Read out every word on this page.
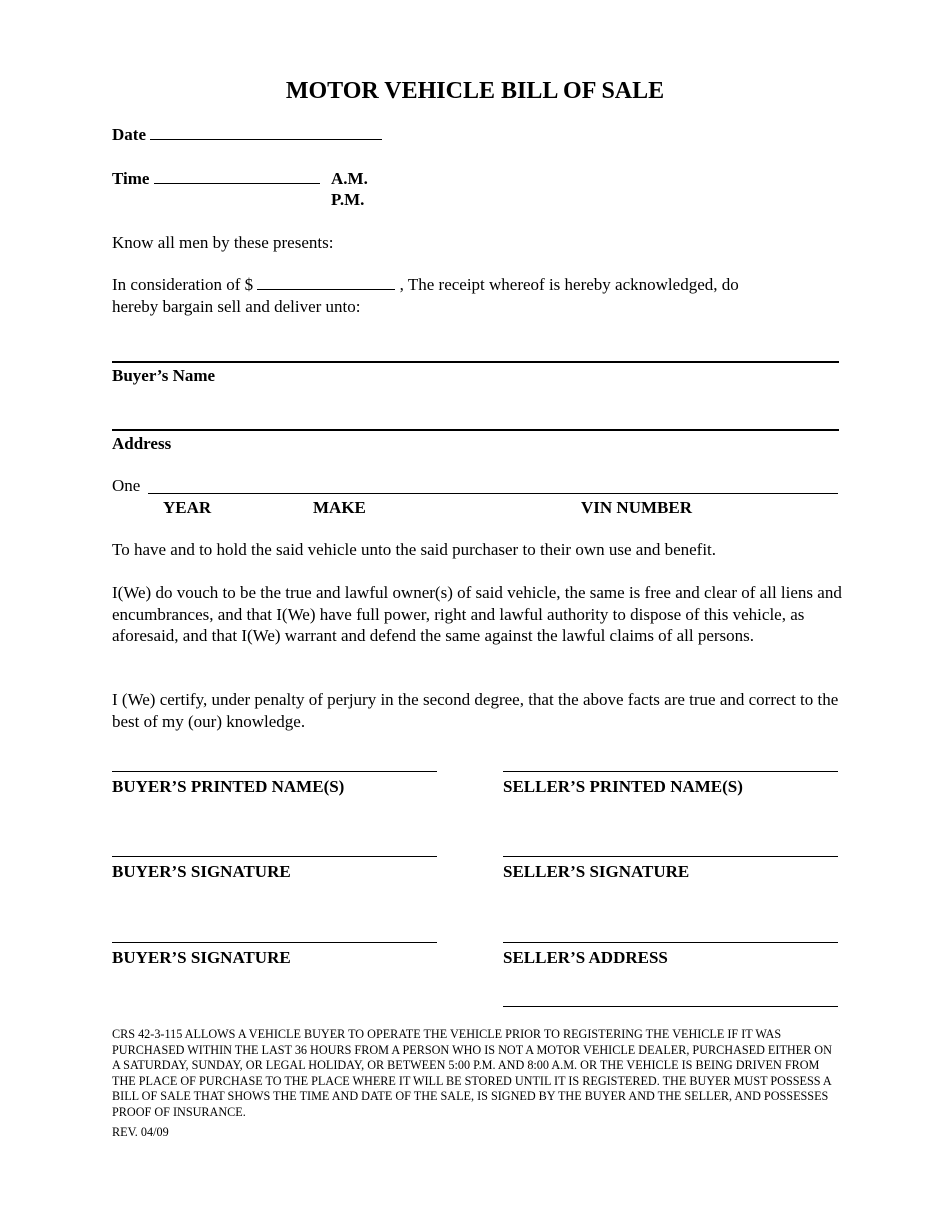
MOTOR VEHICLE BILL OF SALE
Date
Time	A.M.
P.M.
Know all men by these presents:
In consideration of $	, The receipt whereof is hereby acknowledged, do
hereby bargain sell and deliver unto:
Buyer’s Name
Address
One
YEAR	MAKE	VIN NUMBER
To have and to hold the said vehicle unto the said purchaser to their own use and benefit.
I(We) do vouch to be the true and lawful owner(s) of said vehicle, the same is free and clear of all liens and encumbrances, and that I(We) have full power, right and lawful authority to dispose of this vehicle, as aforesaid, and that I(We) warrant and defend the same against the lawful claims of all persons.
I (We) certify, under penalty of perjury in the second degree, that the above facts are true and correct to the best of my (our) knowledge.
BUYER’S PRINTED NAME(S)	SELLER’S PRINTED NAME(S)
BUYER’S SIGNATURE	SELLER’S SIGNATURE
BUYER’S SIGNATURE	SELLER’S ADDRESS
CRS 42-3-115 ALLOWS A VEHICLE BUYER TO OPERATE THE VEHICLE PRIOR TO REGISTERING THE VEHICLE IF IT WAS PURCHASED WITHIN THE LAST 36 HOURS FROM A PERSON WHO IS NOT A MOTOR VEHICLE DEALER, PURCHASED EITHER ON A SATURDAY, SUNDAY, OR LEGAL HOLIDAY, OR BETWEEN 5:00 P.M. AND 8:00 A.M. OR THE VEHICLE IS BEING DRIVEN FROM THE PLACE OF PURCHASE TO THE PLACE WHERE IT WILL BE STORED UNTIL IT IS REGISTERED. THE BUYER MUST POSSESS A BILL OF SALE THAT SHOWS THE TIME AND DATE OF THE SALE, IS SIGNED BY THE BUYER AND THE SELLER, AND POSSESSES PROOF OF INSURANCE.
REV. 04/09
